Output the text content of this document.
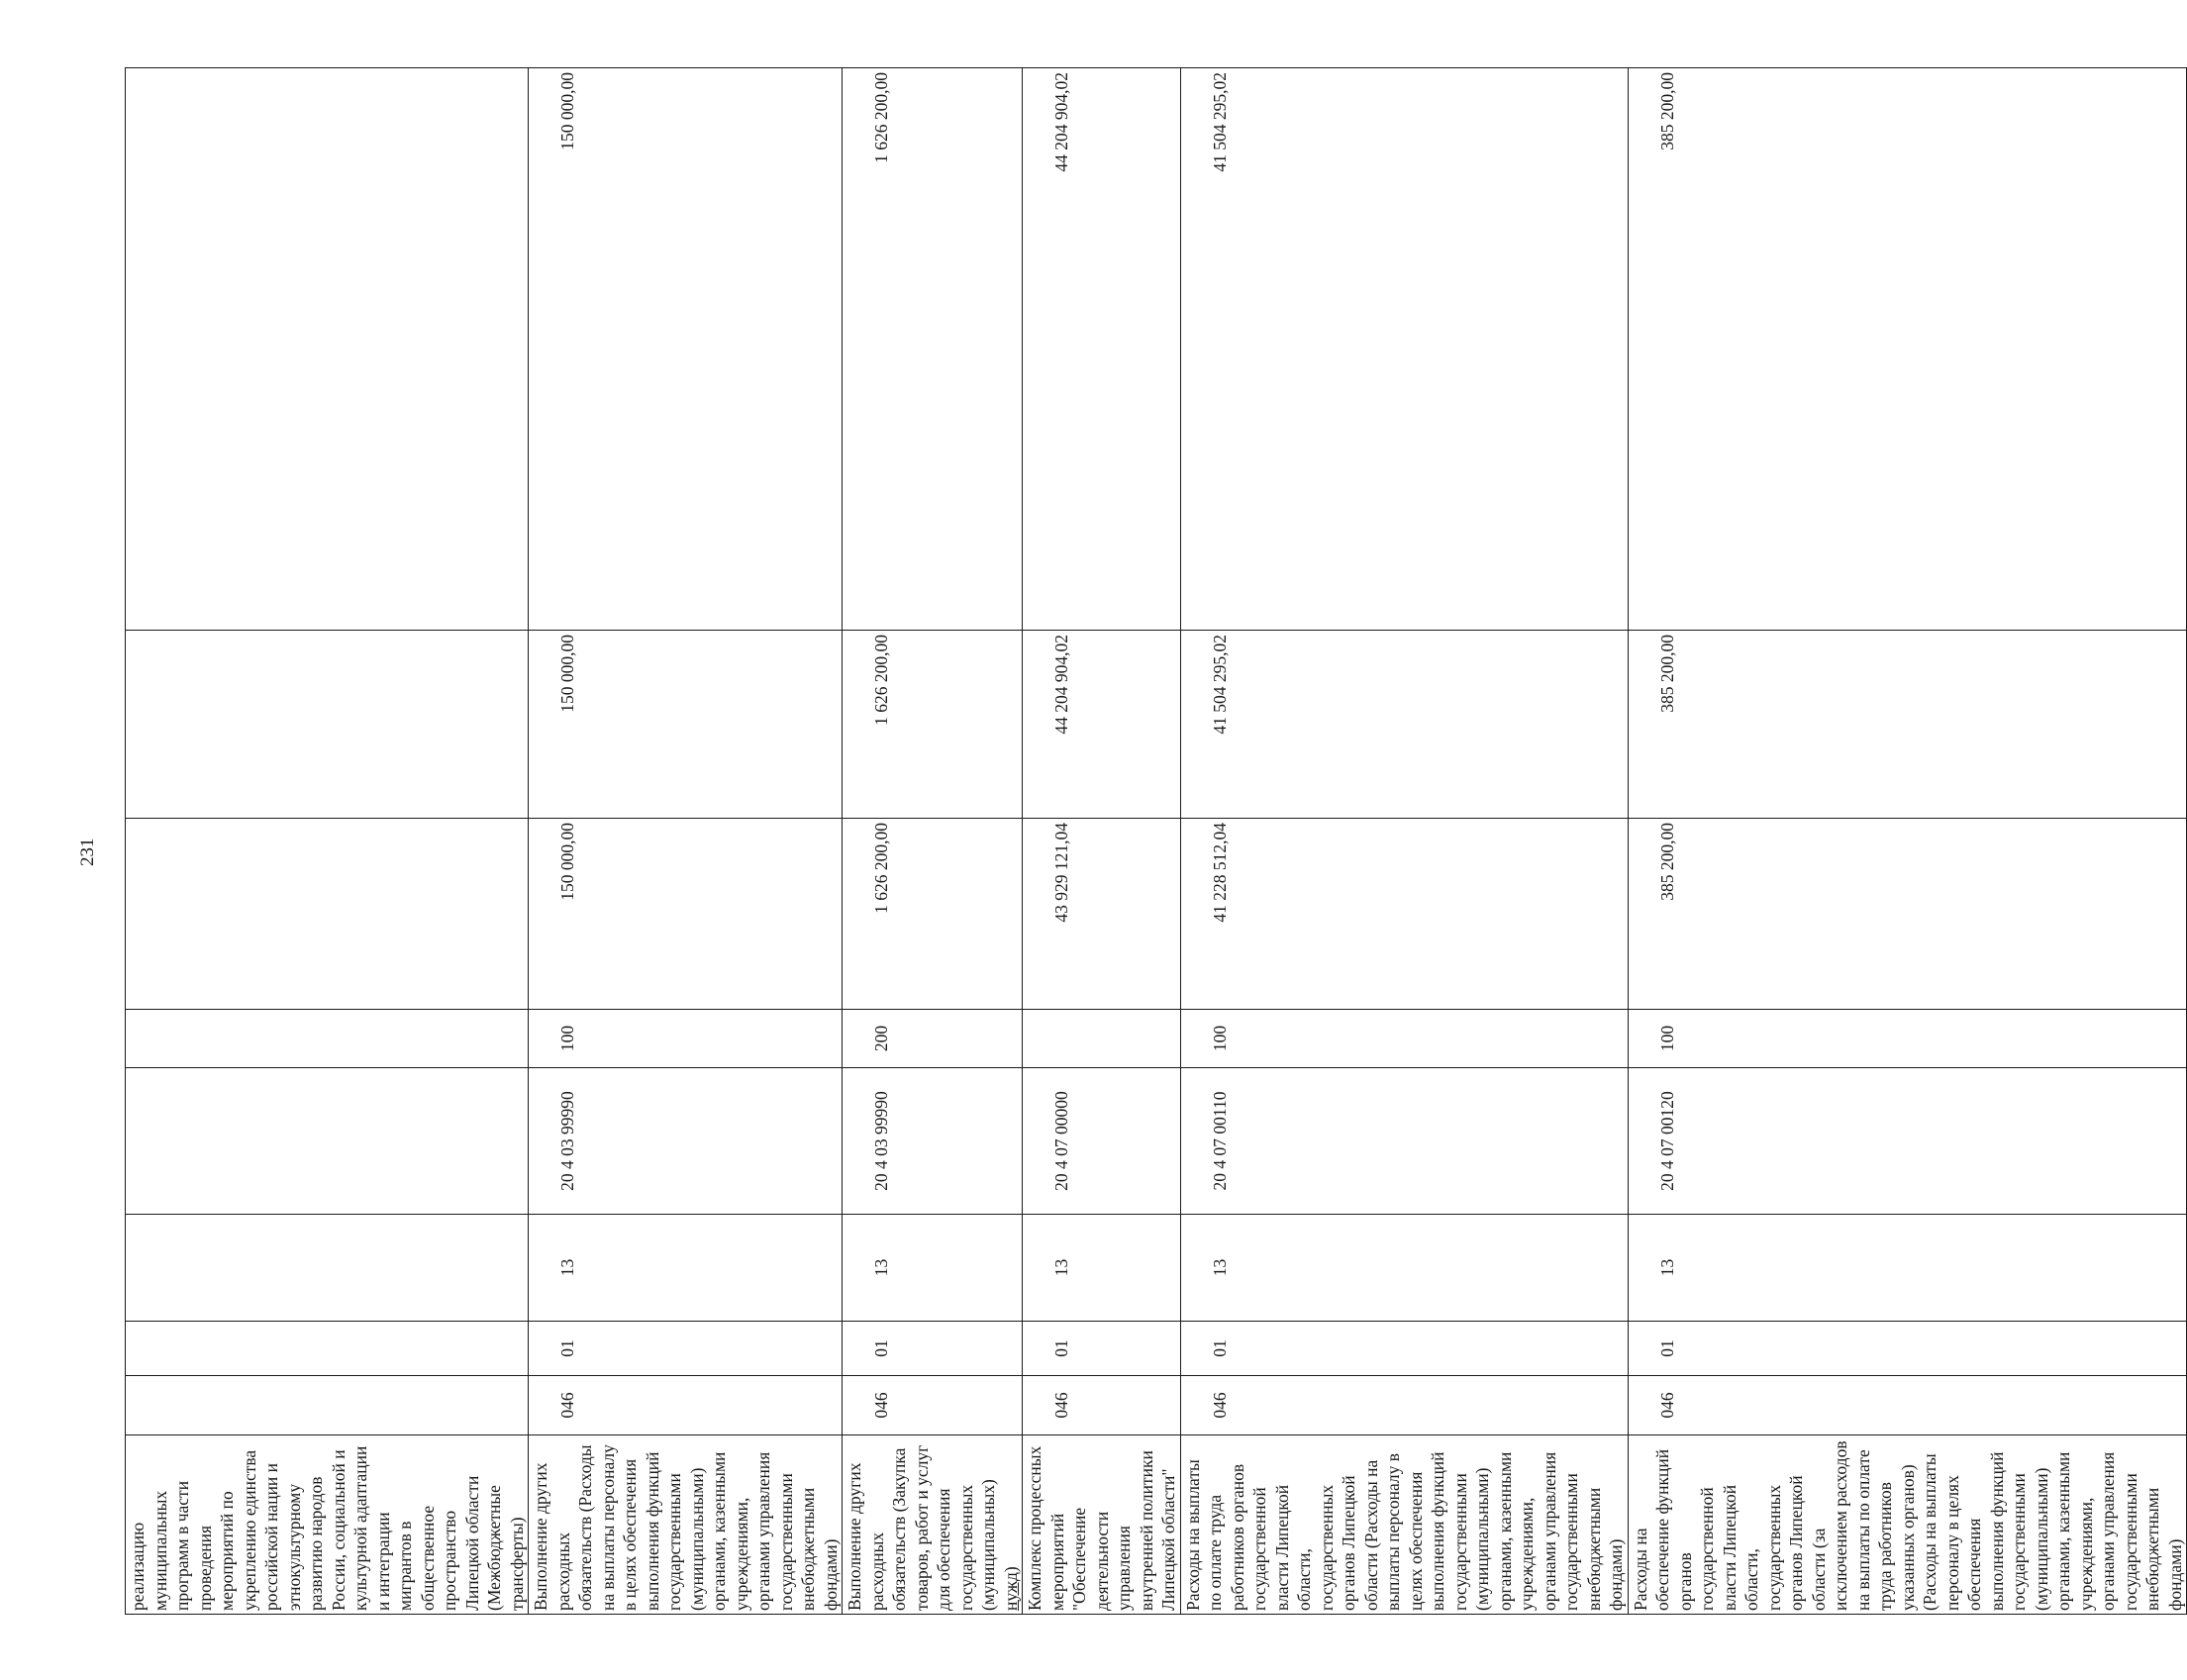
231
реализацию муниципальных программ в части проведения мероприятий по укреплению единства российской нации и этнокультурному развитию народов России, социальной и культурной адаптации и интеграции мигрантов в общественное пространство Липецкой области (Межбюджетные трансферты)								
Выполнение других расходных обязательств (Расходы на выплаты персоналу в целях обеспечения выполнения функций государственными (муниципальными) органами, казенными учреждениями, органами управления государственными внебюджетными фондами)	046	01	13	20 4 03 99990	100	150 000,00	150 000,00	150 000,00
Выполнение других расходных обязательств (Закупка товаров, работ и услуг для обеспечения государственных (муниципальных) нужд)	046	01	13	20 4 03 99990	200	1 626 200,00	1 626 200,00	1 626 200,00
Комплекс процессных мероприятий "Обеспечение деятельности управления внутренней политики Липецкой области"	046	01	13	20 4 07 00000		43 929 121,04	44 204 904,02	44 204 904,02
Расходы на выплаты по оплате труда работников органов государственной власти Липецкой области, государственных органов Липецкой области (Расходы на выплаты персоналу в целях обеспечения выполнения функций государственными (муниципальными) органами, казенными учреждениями, органами управления государственными внебюджетными фондами)	046	01	13	20 4 07 00110	100	41 228 512,04	41 504 295,02	41 504 295,02
Расходы на обеспечение функций органов государственной власти Липецкой области, государственных органов Липецкой области (за исключением расходов на выплаты по оплате труда работников указанных органов) (Расходы на выплаты персоналу в целях обеспечения выполнения функций государственными (муниципальными) органами, казенными учреждениями, органами управления государственными внебюджетными фондами)	046	01	13	20 4 07 00120	100	385 200,00	385 200,00	385 200,00
